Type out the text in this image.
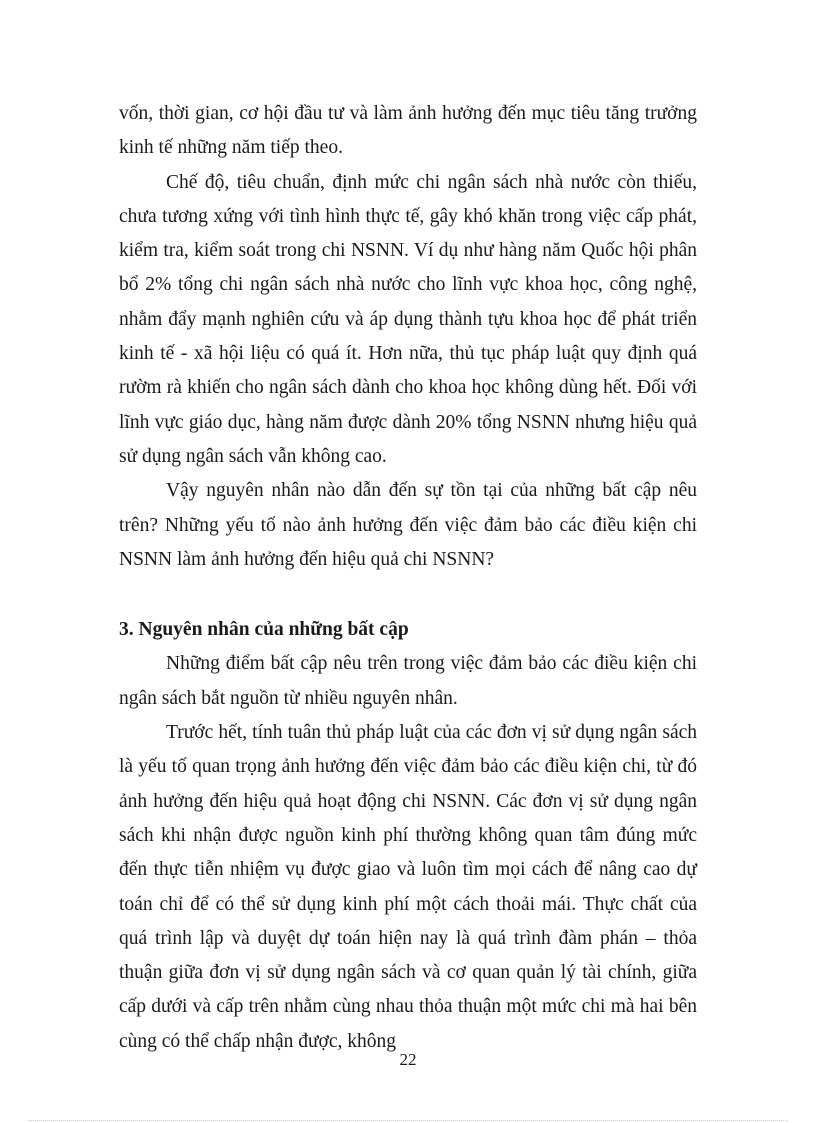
vốn, thời gian, cơ hội đầu tư và làm ảnh hưởng đến mục tiêu tăng trưởng kinh tế những năm tiếp theo.

Chế độ, tiêu chuẩn, định mức chi ngân sách nhà nước còn thiếu, chưa tương xứng với tình hình thực tế, gây khó khăn trong việc cấp phát, kiểm tra, kiểm soát trong chi NSNN. Ví dụ như hàng năm Quốc hội phân bổ 2% tổng chi ngân sách nhà nước cho lĩnh vực khoa học, công nghệ, nhằm đẩy mạnh nghiên cứu và áp dụng thành tựu khoa học để phát triển kinh tế - xã hội liệu có quá ít. Hơn nữa, thủ tục pháp luật quy định quá rườm rà khiến cho ngân sách dành cho khoa học không dùng hết. Đối với lĩnh vực giáo dục, hàng năm được dành 20% tổng NSNN nhưng hiệu quả sử dụng ngân sách vẫn không cao.

Vậy nguyên nhân nào dẫn đến sự tồn tại của những bất cập nêu trên? Những yếu tố nào ảnh hưởng đến việc đảm bảo các điều kiện chi NSNN làm ảnh hưởng đến hiệu quả chi NSNN?

3. Nguyên nhân của những bất cập

Những điểm bất cập nêu trên trong việc đảm bảo các điều kiện chi ngân sách bắt nguồn từ nhiều nguyên nhân.

Trước hết, tính tuân thủ pháp luật của các đơn vị sử dụng ngân sách là yếu tố quan trọng ảnh hưởng đến việc đảm bảo các điều kiện chi, từ đó ảnh hưởng đến hiệu quả hoạt động chi NSNN. Các đơn vị sử dụng ngân sách khi nhận được nguồn kinh phí thường không quan tâm đúng mức đến thực tiễn nhiệm vụ được giao và luôn tìm mọi cách để nâng cao dự toán chỉ để có thể sử dụng kinh phí một cách thoải mái. Thực chất của quá trình lập và duyệt dự toán hiện nay là quá trình đàm phán – thỏa thuận giữa đơn vị sử dụng ngân sách và cơ quan quản lý tài chính, giữa cấp dưới và cấp trên nhằm cùng nhau thỏa thuận một mức chi mà hai bên cùng có thể chấp nhận được, không

22
